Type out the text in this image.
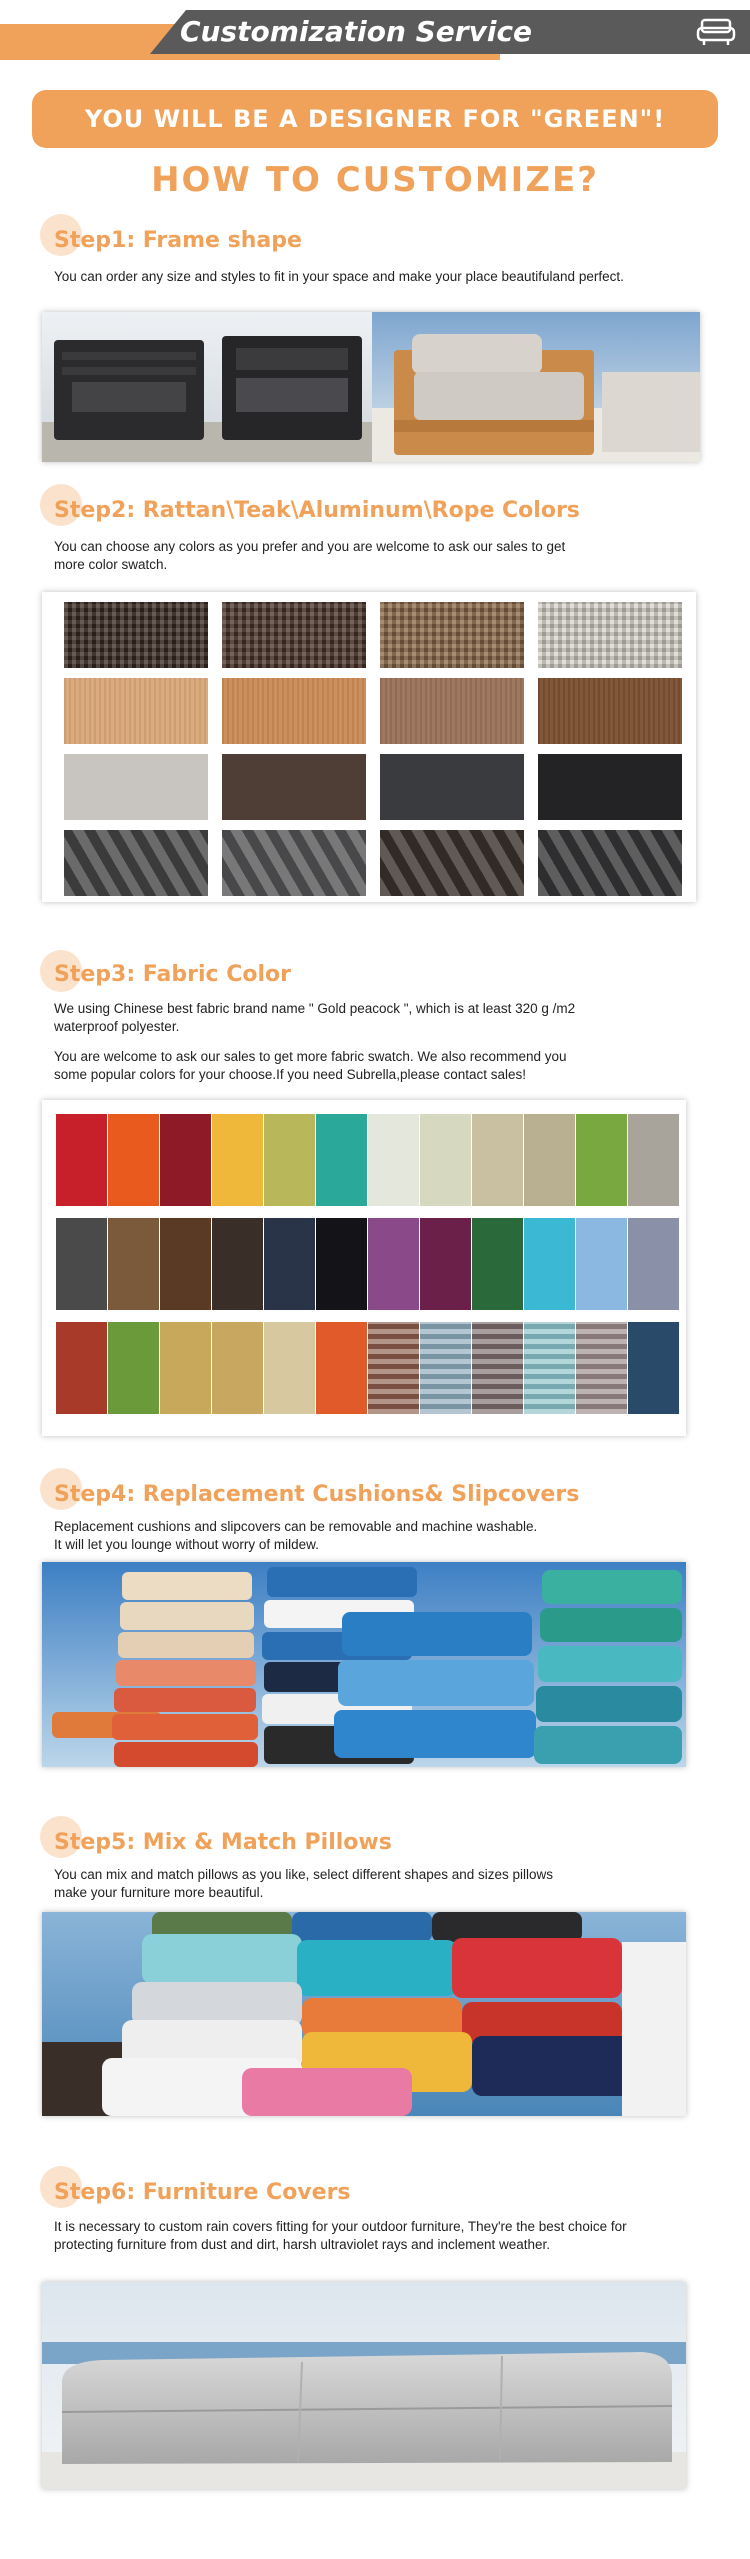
Customization Service
YOU WILL BE A DESIGNER FOR "GREEN"!
HOW TO CUSTOMIZE?
Step1: Frame shape
You can order any size and styles to fit in your space and make your place beautifuland perfect.
Step2: Rattan\Teak\Aluminum\Rope Colors
You can choose any colors as you prefer and you are welcome to ask our sales to get
more color swatch.
Step3: Fabric Color
We using Chinese best fabric brand name " Gold peacock ", which is at least 320 g /m2
waterproof polyester.
You are welcome to ask our sales to get more fabric swatch. We also recommend you
some popular colors for your choose.If you need Subrella,please contact sales!
Step4: Replacement Cushions& Slipcovers
Replacement cushions and slipcovers can be removable and machine washable.
It will let you lounge without worry of mildew.
Step5: Mix & Match Pillows
You can mix and match pillows as you like, select different shapes and sizes pillows
make your furniture more beautiful.
Step6: Furniture Covers
It is necessary to custom rain covers fitting for your outdoor furniture, They're the best choice for
protecting furniture from dust and dirt, harsh ultraviolet rays and inclement weather.
